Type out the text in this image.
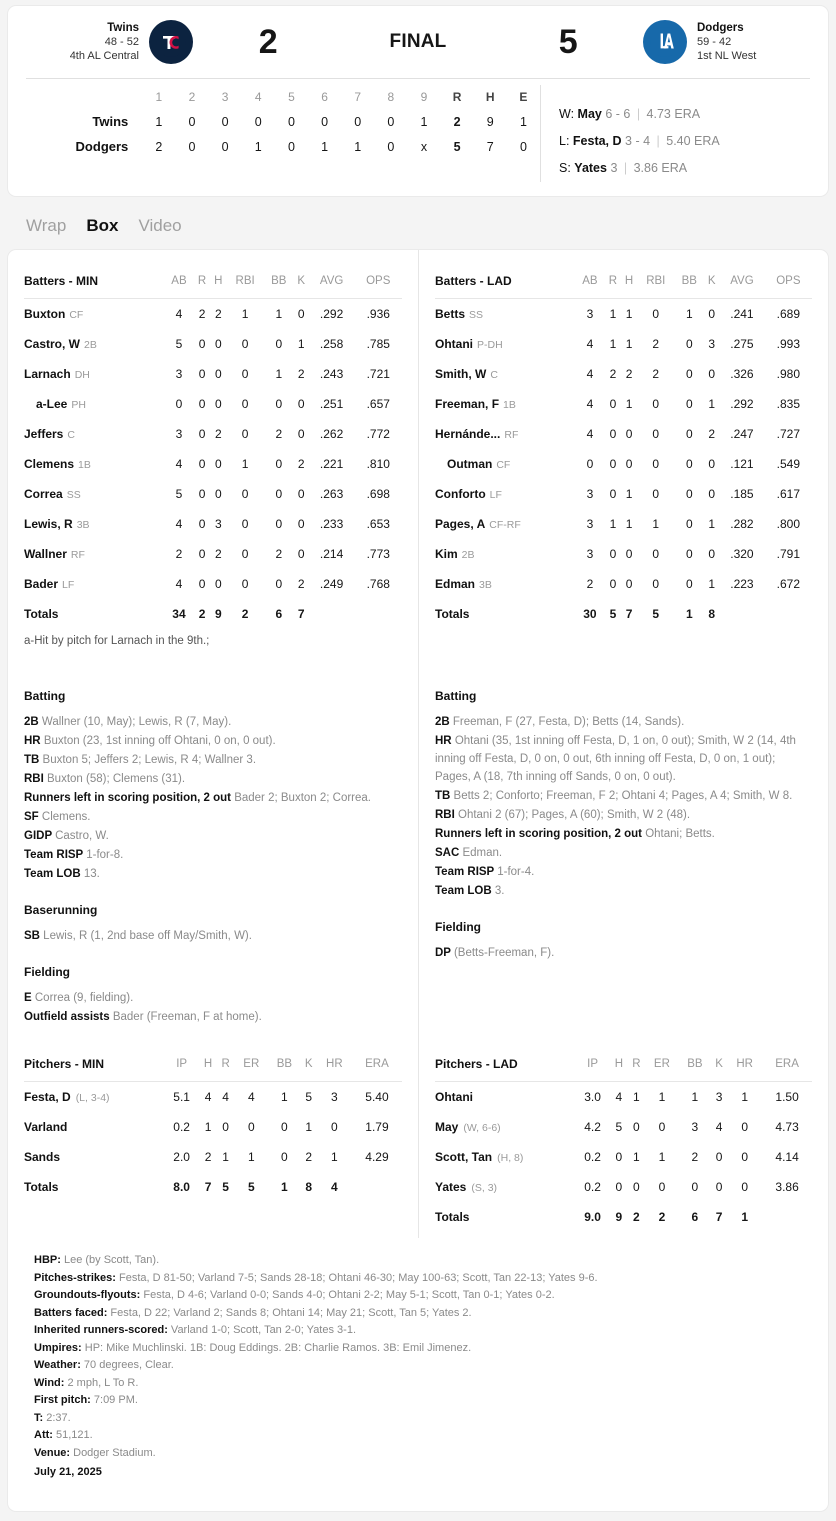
Twins
48 - 52
4th AL Central	2	FINAL	5	Dodgers
59 - 42
1st NL West
	1	2	3	4	5	6	7	8	9	R	H	E
Twins	1	0	0	0	0	0	0	0	1	2	9	1
Dodgers	2	0	0	1	0	1	1	0	x	5	7	0
W: May 6 - 6 | 4.73 ERA
L: Festa, D 3 - 4 | 5.40 ERA
S: Yates 3 | 3.86 ERA
Wrap Box Video
Batters - MIN	AB	R	H	RBI	BB	K	AVG	OPS
Buxton CF	4	2	2	1	1	0	.292	.936
Castro, W 2B	5	0	0	0	0	1	.258	.785
Larnach DH	3	0	0	0	1	2	.243	.721
a-Lee PH	0	0	0	0	0	0	.251	.657
Jeffers C	3	0	2	0	2	0	.262	.772
Clemens 1B	4	0	0	1	0	2	.221	.810
Correa SS	5	0	0	0	0	0	.263	.698
Lewis, R 3B	4	0	3	0	0	0	.233	.653
Wallner RF	2	0	2	0	2	0	.214	.773
Bader LF	4	0	0	0	0	2	.249	.768
Totals	34	2	9	2	6	7		
a-Hit by pitch for Larnach in the 9th.;
Batters - LAD	AB	R	H	RBI	BB	K	AVG	OPS
Betts SS	3	1	1	0	1	0	.241	.689
Ohtani P-DH	4	1	1	2	0	3	.275	.993
Smith, W C	4	2	2	2	0	0	.326	.980
Freeman, F 1B	4	0	1	0	0	1	.292	.835
Hernánde... RF	4	0	0	0	0	2	.247	.727
Outman CF	0	0	0	0	0	0	.121	.549
Conforto LF	3	0	1	0	0	0	.185	.617
Pages, A CF-RF	3	1	1	1	0	1	.282	.800
Kim 2B	3	0	0	0	0	0	.320	.791
Edman 3B	2	0	0	0	0	1	.223	.672
Totals	30	5	7	5	1	8		
Batting
2B Wallner (10, May); Lewis, R (7, May).
HR Buxton (23, 1st inning off Ohtani, 0 on, 0 out).
TB Buxton 5; Jeffers 2; Lewis, R 4; Wallner 3.
RBI Buxton (58); Clemens (31).
Runners left in scoring position, 2 out Bader 2; Buxton 2; Correa.
SF Clemens.
GIDP Castro, W.
Team RISP 1-for-8.
Team LOB 13.
Baserunning
SB Lewis, R (1, 2nd base off May/Smith, W).
Fielding
E Correa (9, fielding).
Outfield assists Bader (Freeman, F at home).
Batting
2B Freeman, F (27, Festa, D); Betts (14, Sands).
HR Ohtani (35, 1st inning off Festa, D, 1 on, 0 out); Smith, W 2 (14, 4th inning off Festa, D, 0 on, 0 out, 6th inning off Festa, D, 0 on, 1 out); Pages, A (18, 7th inning off Sands, 0 on, 0 out).
TB Betts 2; Conforto; Freeman, F 2; Ohtani 4; Pages, A 4; Smith, W 8.
RBI Ohtani 2 (67); Pages, A (60); Smith, W 2 (48).
Runners left in scoring position, 2 out Ohtani; Betts.
SAC Edman.
Team RISP 1-for-4.
Team LOB 3.
Fielding
DP (Betts-Freeman, F).
Pitchers - MIN	IP	H	R	ER	BB	K	HR	ERA
Festa, D (L, 3-4)	5.1	4	4	4	1	5	3	5.40
Varland	0.2	1	0	0	0	1	0	1.79
Sands	2.0	2	1	1	0	2	1	4.29
Totals	8.0	7	5	5	1	8	4	
Pitchers - LAD	IP	H	R	ER	BB	K	HR	ERA
Ohtani	3.0	4	1	1	1	3	1	1.50
May (W, 6-6)	4.2	5	0	0	3	4	0	4.73
Scott, Tan (H, 8)	0.2	0	1	1	2	0	0	4.14
Yates (S, 3)	0.2	0	0	0	0	0	0	3.86
Totals	9.0	9	2	2	6	7	1	
HBP: Lee (by Scott, Tan).
Pitches-strikes: Festa, D 81-50; Varland 7-5; Sands 28-18; Ohtani 46-30; May 100-63; Scott, Tan 22-13; Yates 9-6.
Groundouts-flyouts: Festa, D 4-6; Varland 0-0; Sands 4-0; Ohtani 2-2; May 5-1; Scott, Tan 0-1; Yates 0-2.
Batters faced: Festa, D 22; Varland 2; Sands 8; Ohtani 14; May 21; Scott, Tan 5; Yates 2.
Inherited runners-scored: Varland 1-0; Scott, Tan 2-0; Yates 3-1.
Umpires: HP: Mike Muchlinski. 1B: Doug Eddings. 2B: Charlie Ramos. 3B: Emil Jimenez.
Weather: 70 degrees, Clear.
Wind: 2 mph, L To R.
First pitch: 7:09 PM.
T: 2:37.
Att: 51,121.
Venue: Dodger Stadium.
July 21, 2025
